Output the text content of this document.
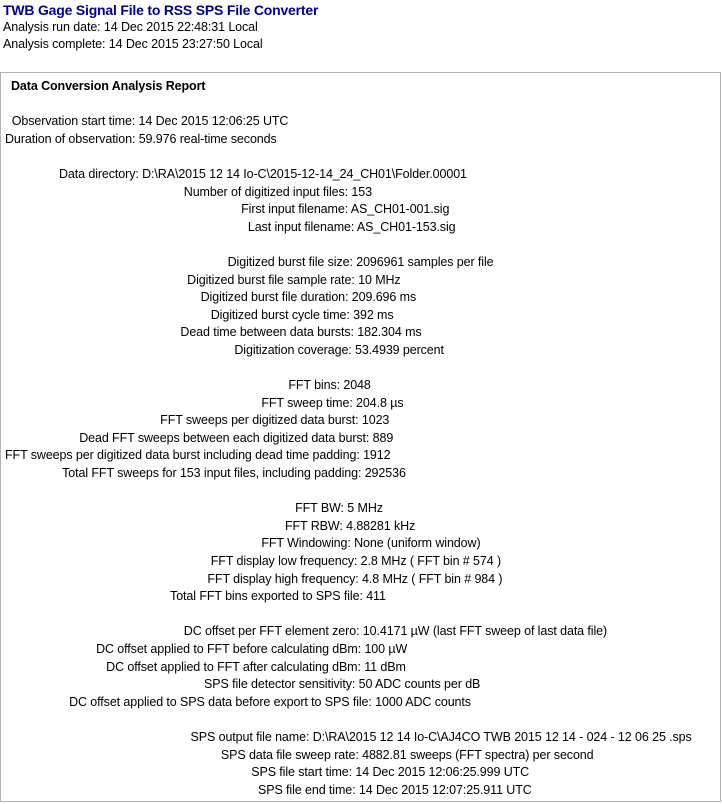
TWB Gage Signal File to RSS SPS File Converter
Analysis run date: 14 Dec 2015 22:48:31 Local
Analysis complete: 14 Dec 2015 23:27:50 Local
Data Conversion Analysis Report
Observation start time: 14 Dec 2015 12:06:25 UTC
Duration of observation: 59.976 real-time seconds
Data directory: D:\RA\2015 12 14 Io-C\2015-12-14_24_CH01\Folder.00001
Number of digitized input files: 153
First input filename: AS_CH01-001.sig
Last input filename: AS_CH01-153.sig
Digitized burst file size: 2096961 samples per file
Digitized burst file sample rate: 10 MHz
Digitized burst file duration: 209.696 ms
Digitized burst cycle time: 392 ms
Dead time between data bursts: 182.304 ms
Digitization coverage: 53.4939 percent
FFT bins: 2048
FFT sweep time: 204.8 µs
FFT sweeps per digitized data burst: 1023
Dead FFT sweeps between each digitized data burst: 889
FFT sweeps per digitized data burst including dead time padding: 1912
Total FFT sweeps for 153 input files, including padding: 292536
FFT BW: 5 MHz
FFT RBW: 4.88281 kHz
FFT Windowing: None (uniform window)
FFT display low frequency: 2.8 MHz ( FFT bin # 574 )
FFT display high frequency: 4.8 MHz ( FFT bin # 984 )
Total FFT bins exported to SPS file: 411
DC offset per FFT element zero: 10.4171 µW (last FFT sweep of last data file)
DC offset applied to FFT before calculating dBm: 100 µW
DC offset applied to FFT after calculating dBm: 11 dBm
SPS file detector sensitivity: 50 ADC counts per dB
DC offset applied to SPS data before export to SPS file: 1000 ADC counts
SPS output file name: D:\RA\2015 12 14 Io-C\AJ4CO TWB 2015 12 14 - 024 - 12 06 25 .sps
SPS data file sweep rate: 4882.81 sweeps (FFT spectra) per second
SPS file start time: 14 Dec 2015 12:06:25.999 UTC
SPS file end time: 14 Dec 2015 12:07:25.911 UTC
